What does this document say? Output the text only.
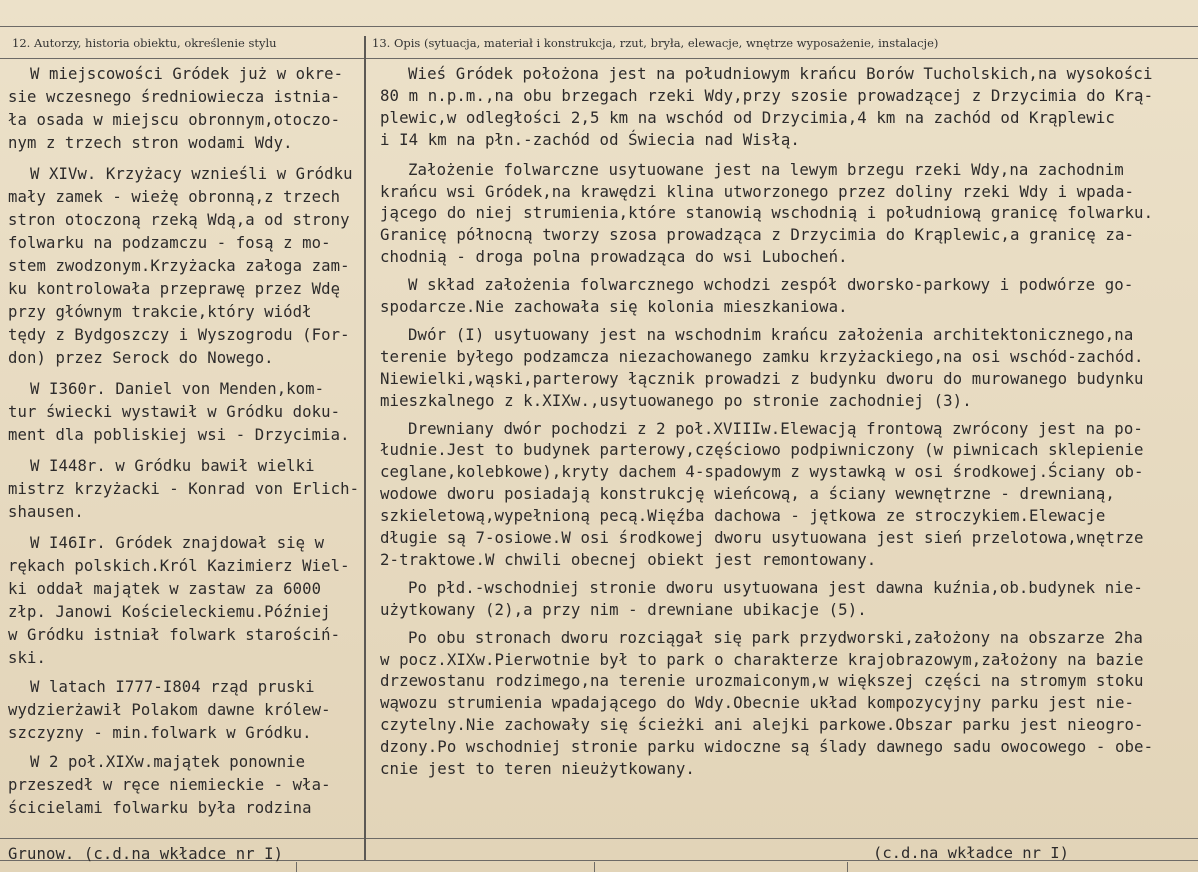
12. Autorzy, historia obiektu, określenie stylu	13. Opis (sytuacja, materiał i konstrukcja, rzut, bryła, elewacje, wnętrze wyposażenie, instalacje)
W miejscowości Gródek już w okre-
sie wczesnego średniowiecza istnia-
ła osada w miejscu obronnym,otoczo-
nym z trzech stron wodami Wdy.
W XIVw. Krzyżacy wznieśli w Gródku
mały zamek - wieżę obronną,z trzech
stron otoczoną rzeką Wdą,a od strony
folwarku na podzamczu - fosą z mo-
stem zwodzonym.Krzyżacka załoga zam-
ku kontrolowała przeprawę przez Wdę
przy głównym trakcie,który wiódł
tędy z Bydgoszczy i Wyszogrodu (For-
don) przez Serock do Nowego.
W I360r. Daniel von Menden,kom-
tur świecki wystawił w Gródku doku-
ment dla pobliskiej wsi - Drzycimia.
W I448r. w Gródku bawił wielki
mistrz krzyżacki - Konrad von Erlich-
shausen.
W I46Ir. Gródek znajdował się w
rękach polskich.Król Kazimierz Wiel-
ki oddał majątek w zastaw za 6000
złp. Janowi Kościeleckiemu.Później
w Gródku istniał folwark starościń-
ski.
W latach I777-I804 rząd pruski
wydzierżawił Polakom dawne królew-
szczyzny - min.folwark w Gródku.
W 2 poł.XIXw.majątek ponownie
przeszedł w ręce niemieckie - wła-
ścicielami folwarku była rodzina
Grunow. (c.d.na wkładce nr I)
Wieś Gródek położona jest na południowym krańcu Borów Tucholskich,na wysokości
80 m n.p.m.,na obu brzegach rzeki Wdy,przy szosie prowadzącej z Drzycimia do Krą-
plewic,w odległości 2,5 km na wschód od Drzycimia,4 km na zachód od Krąplewic
i I4 km na płn.-zachód od Świecia nad Wisłą.
Założenie folwarczne usytuowane jest na lewym brzegu rzeki Wdy,na zachodnim
krańcu wsi Gródek,na krawędzi klina utworzonego przez doliny rzeki Wdy i wpada-
jącego do niej strumienia,które stanowią wschodnią i południową granicę folwarku.
Granicę północną tworzy szosa prowadząca z Drzycimia do Krąplewic,a granicę za-
chodnią - droga polna prowadząca do wsi Lubocheń.
W skład założenia folwarcznego wchodzi zespół dworsko-parkowy i podwórze go-
spodarcze.Nie zachowała się kolonia mieszkaniowa.
Dwór (I) usytuowany jest na wschodnim krańcu założenia architektonicznego,na
terenie byłego podzamcza niezachowanego zamku krzyżackiego,na osi wschód-zachód.
Niewielki,wąski,parterowy łącznik prowadzi z budynku dworu do murowanego budynku
mieszkalnego z k.XIXw.,usytuowanego po stronie zachodniej (3).
Drewniany dwór pochodzi z 2 poł.XVIIIw.Elewacją frontową zwrócony jest na po-
łudnie.Jest to budynek parterowy,częściowo podpiwniczony (w piwnicach sklepienie
ceglane,kolebkowe),kryty dachem 4-spadowym z wystawką w osi środkowej.Ściany ob-
wodowe dworu posiadają konstrukcję wieńcową, a ściany wewnętrzne - drewnianą,
szkieletową,wypełnioną pecą.Więźba dachowa - jętkowa ze stroczykiem.Elewacje
długie są 7-osiowe.W osi środkowej dworu usytuowana jest sień przelotowa,wnętrze
2-traktowe.W chwili obecnej obiekt jest remontowany.
Po płd.-wschodniej stronie dworu usytuowana jest dawna kuźnia,ob.budynek nie-
użytkowany (2),a przy nim - drewniane ubikacje (5).
Po obu stronach dworu rozciągał się park przydworski,założony na obszarze 2ha
w pocz.XIXw.Pierwotnie był to park o charakterze krajobrazowym,założony na bazie
drzewostanu rodzimego,na terenie urozmaiconym,w większej części na stromym stoku
wąwozu strumienia wpadającego do Wdy.Obecnie układ kompozycyjny parku jest nie-
czytelny.Nie zachowały się ścieżki ani alejki parkowe.Obszar parku jest nieogro-
dzony.Po wschodniej stronie parku widoczne są ślady dawnego sadu owocowego - obe-
cnie jest to teren nieużytkowany.
(c.d.na wkładce nr I)
